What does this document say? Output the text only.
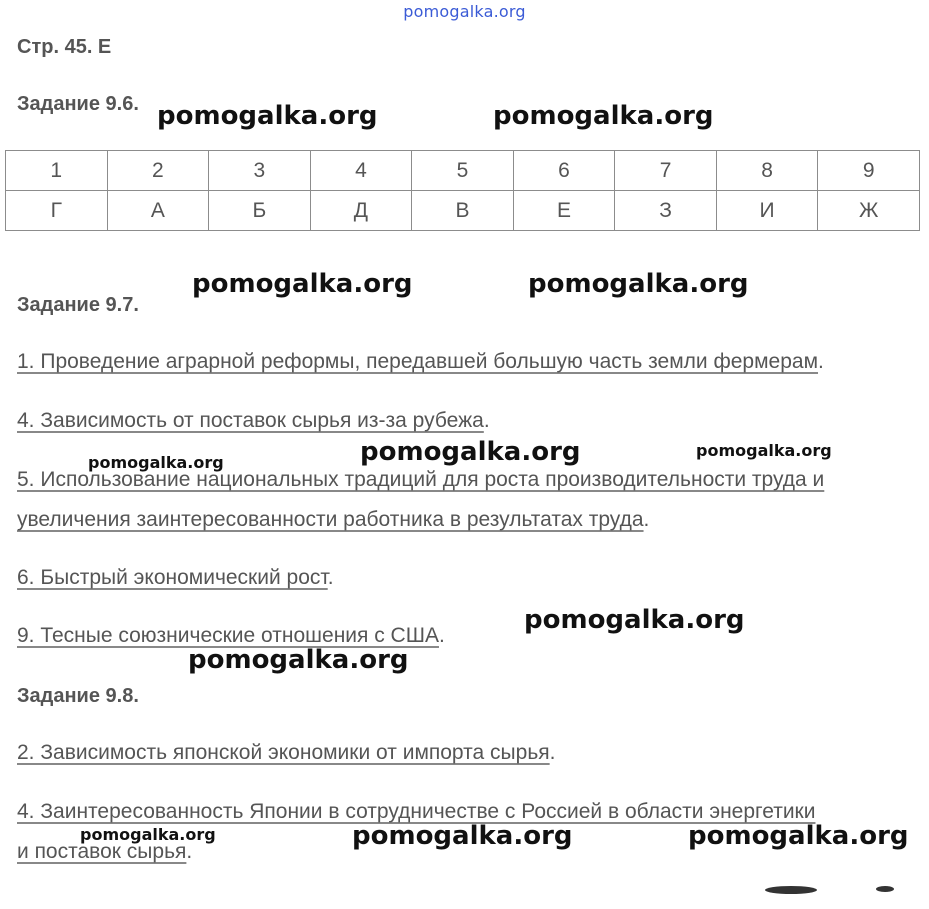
pomogalka.org
Стр. 45. Е
Задание 9.6.
1	2	3	4	5	6	7	8	9
Г	А	Б	Д	В	Е	З	И	Ж
Задание 9.7.
1. Проведение аграрной реформы, передавшей большую часть земли фермерам.
4. Зависимость от поставок сырья из-за рубежа.
5. Использование национальных традиций для роста производительности труда и
увеличения заинтересованности работника в результатах труда.
6. Быстрый экономический рост.
9. Тесные союзнические отношения с США.
Задание 9.8.
2. Зависимость японской экономики от импорта сырья.
4. Заинтересованность Японии в сотрудничестве с Россией в области энергетики
и поставок сырья.
pomogalka.org	pomogalka.org
pomogalka.org	pomogalka.org
pomogalka.org	pomogalka.org
pomogalka.org
pomogalka.org
pomogalka.org
pomogalka.org	pomogalka.org	pomogalka.org
